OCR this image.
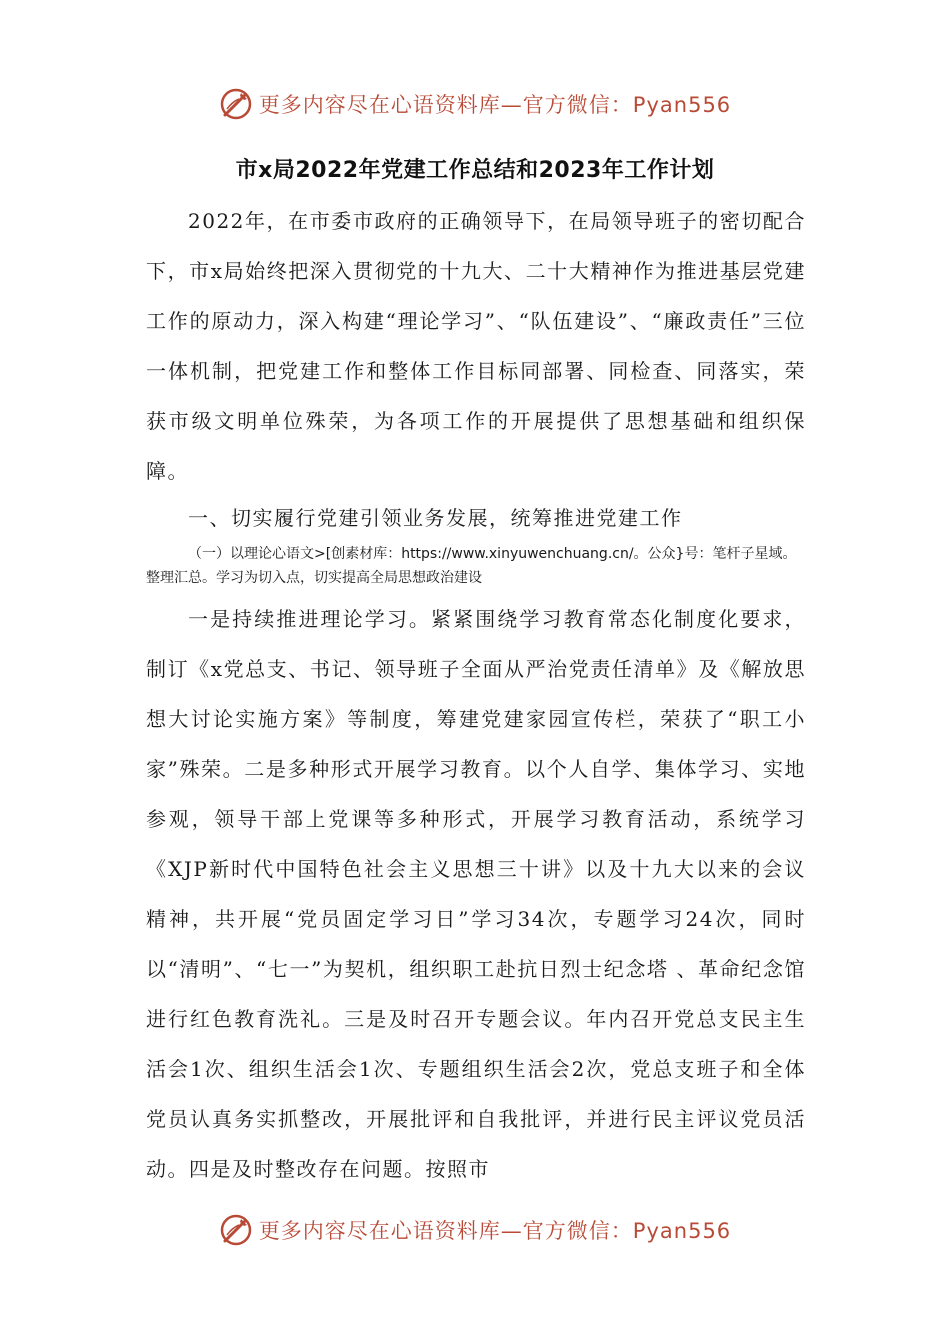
更多内容尽在心语资料库—官方微信：Pyan556
市x局2022年党建工作总结和2023年工作计划

2022年，在市委市政府的正确领导下，在局领导班子的密切配合下，市x局始终把深入贯彻党的十九大、二十大精神作为推进基层党建工作的原动力，深入构建“理论学习”、“队伍建设”、“廉政责任”三位一体机制，把党建工作和整体工作目标同部署、同检查、同落实，荣获市级文明单位殊荣，为各项工作的开展提供了思想基础和组织保障。

一、切实履行党建引领业务发展，统筹推进党建工作

（一）以理论心语文>[创素材库：https://www.xinyuwenchuang.cn/。公众}号：笔杆子星域。整理汇总。学习为切入点，切实提高全局思想政治建设

一是持续推进理论学习。紧紧围绕学习教育常态化制度化要求，制订《x党总支、书记、领导班子全面从严治党责任清单》及《解放思想大讨论实施方案》等制度，筹建党建家园宣传栏，荣获了“职工小家”殊荣。二是多种形式开展学习教育。以个人自学、集体学习、实地参观，领导干部上党课等多种形式，开展学习教育活动，系统学习《XJP新时代中国特色社会主义思想三十讲》以及十九大以来的会议精神，共开展“党员固定学习日”学习34次，专题学习24次，同时以“清明”、“七一”为契机，组织职工赴抗日烈士纪念塔 、革命纪念馆进行红色教育洗礼。三是及时召开专题会议。年内召开党总支民主生活会1次、组织生活会1次、专题组织生活会2次，党总支班子和全体党员认真务实抓整改，开展批评和自我批评，并进行民主评议党员活动。四是及时整改存在问题。按照市

更多内容尽在心语资料库—官方微信：Pyan556
